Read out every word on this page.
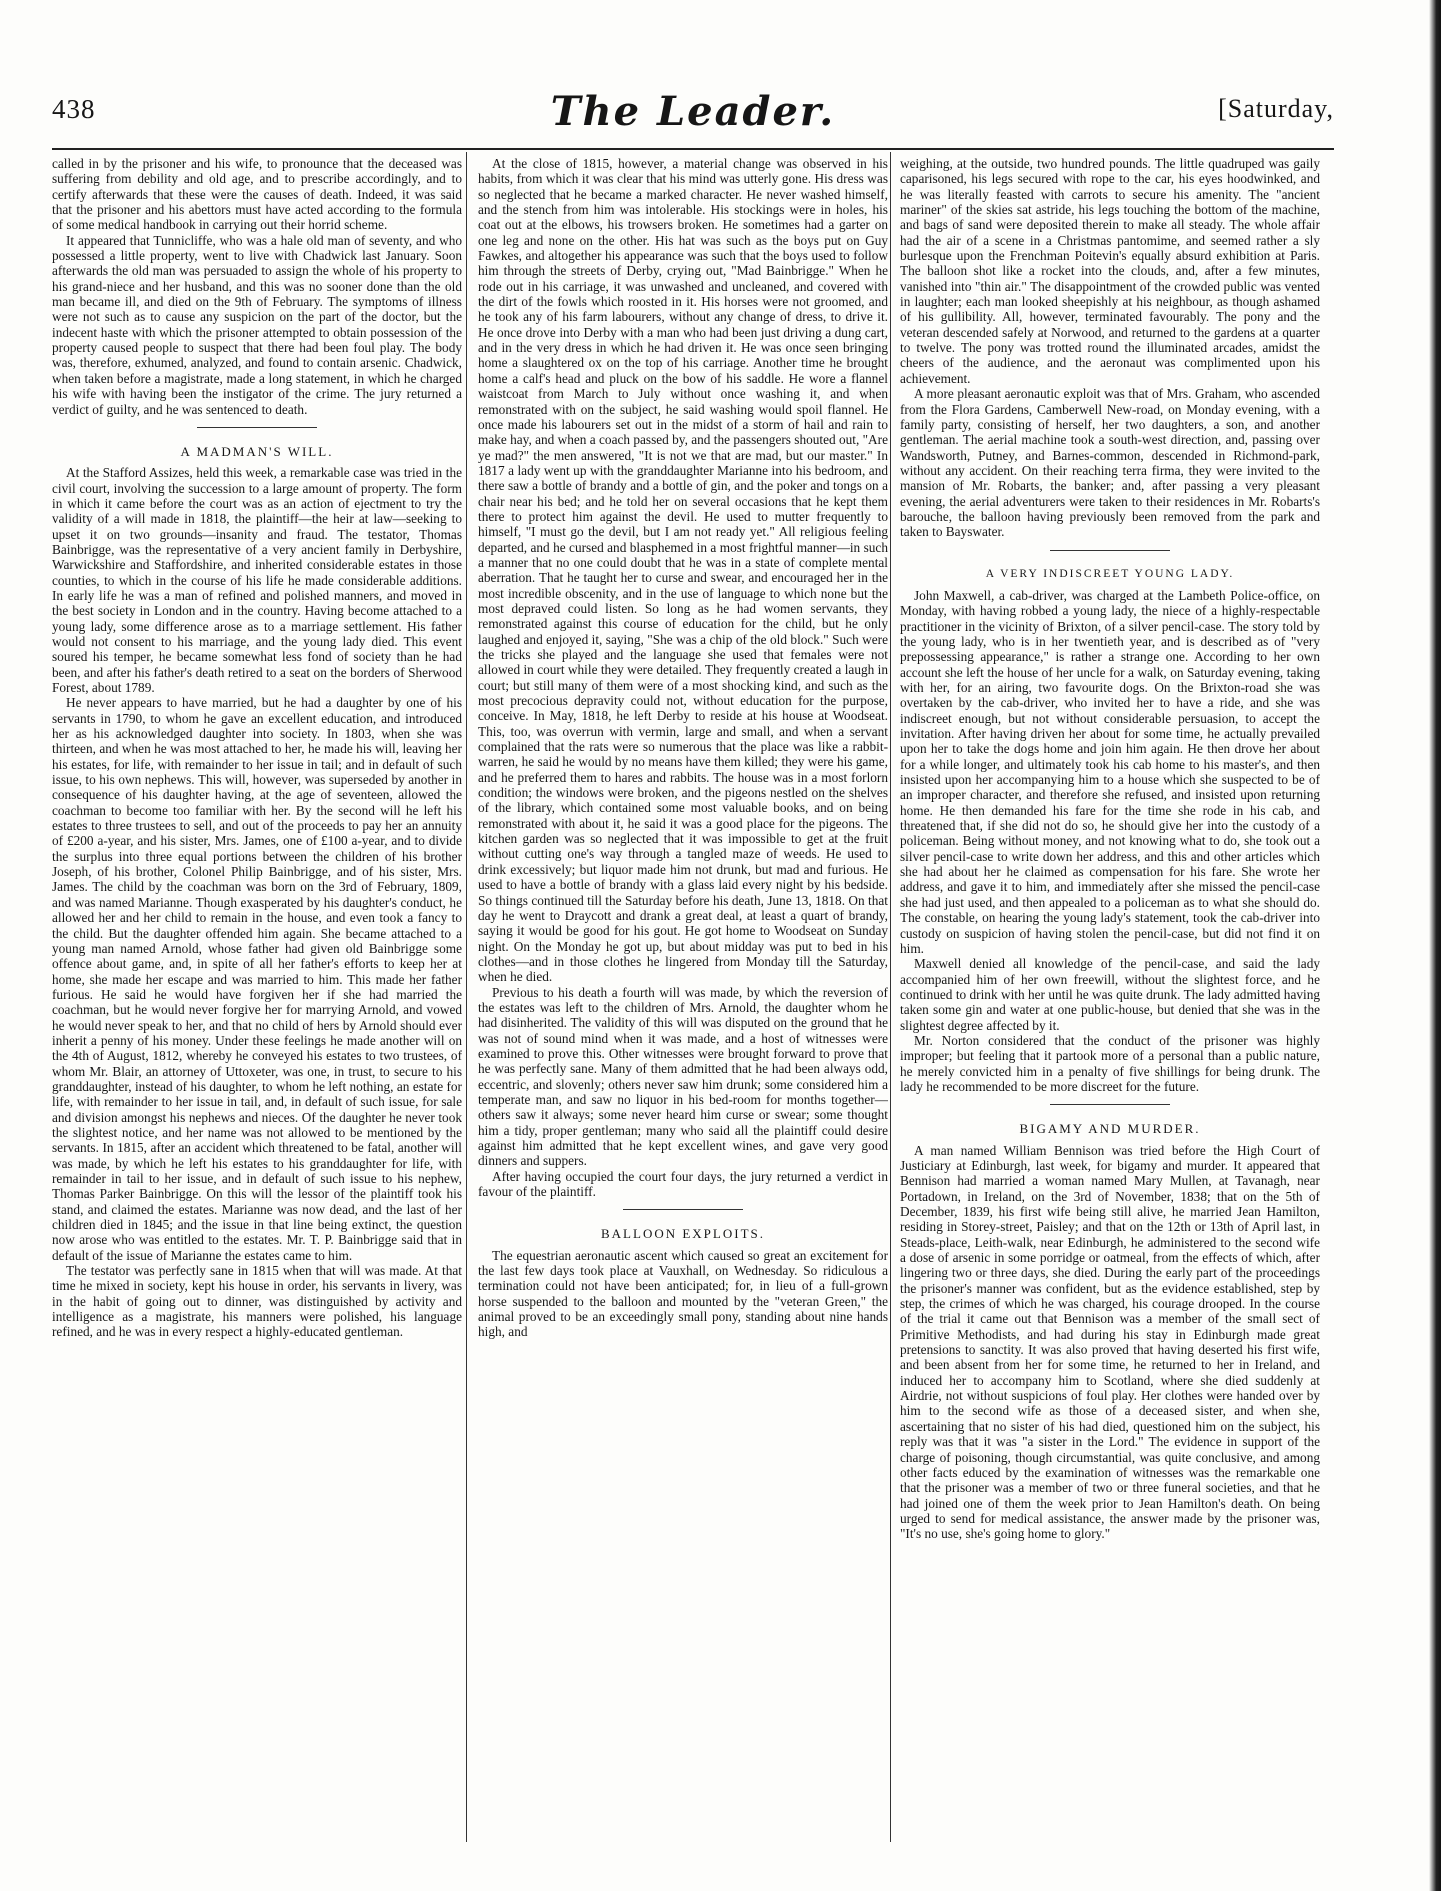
438	The Leader.	[Saturday,

called in by the prisoner and his wife, to pronounce that the deceased was suffering from debility and old age, and to prescribe accordingly, and to certify afterwards that these were the causes of death. Indeed, it was said that the prisoner and his abettors must have acted according to the formula of some medical handbook in carrying out their horrid scheme.

It appeared that Tunnicliffe, who was a hale old man of seventy, and who possessed a little property, went to live with Chadwick last January. Soon afterwards the old man was persuaded to assign the whole of his property to his grand-niece and her husband, and this was no sooner done than the old man became ill, and died on the 9th of February. The symptoms of illness were not such as to cause any suspicion on the part of the doctor, but the indecent haste with which the prisoner attempted to obtain possession of the property caused people to suspect that there had been foul play. The body was, therefore, exhumed, analyzed, and found to contain arsenic. Chadwick, when taken before a magistrate, made a long statement, in which he charged his wife with having been the instigator of the crime. The jury returned a verdict of guilty, and he was sentenced to death.

A MADMAN'S WILL.

At the Stafford Assizes, held this week, a remarkable case was tried in the civil court, involving the succession to a large amount of property. The form in which it came before the court was as an action of ejectment to try the validity of a will made in 1818, the plaintiff—the heir at law—seeking to upset it on two grounds—insanity and fraud. The testator, Thomas Bainbrigge, was the representative of a very ancient family in Derbyshire, Warwickshire and Staffordshire, and inherited considerable estates in those counties, to which in the course of his life he made considerable additions. In early life he was a man of refined and polished manners, and moved in the best society in London and in the country. Having become attached to a young lady, some difference arose as to a marriage settlement. His father would not consent to his marriage, and the young lady died. This event soured his temper, he became somewhat less fond of society than he had been, and after his father's death retired to a seat on the borders of Sherwood Forest, about 1789.

He never appears to have married, but he had a daughter by one of his servants in 1790, to whom he gave an excellent education, and introduced her as his acknowledged daughter into society. In 1803, when she was thirteen, and when he was most attached to her, he made his will, leaving her his estates, for life, with remainder to her issue in tail; and in default of such issue, to his own nephews. This will, however, was superseded by another in consequence of his daughter having, at the age of seventeen, allowed the coachman to become too familiar with her. By the second will he left his estates to three trustees to sell, and out of the proceeds to pay her an annuity of £200 a-year, and his sister, Mrs. James, one of £100 a-year, and to divide the surplus into three equal portions between the children of his brother Joseph, of his brother, Colonel Philip Bainbrigge, and of his sister, Mrs. James. The child by the coachman was born on the 3rd of February, 1809, and was named Marianne. Though exasperated by his daughter's conduct, he allowed her and her child to remain in the house, and even took a fancy to the child. But the daughter offended him again. She became attached to a young man named Arnold, whose father had given old Bainbrigge some offence about game, and, in spite of all her father's efforts to keep her at home, she made her escape and was married to him. This made her father furious. He said he would have forgiven her if she had married the coachman, but he would never forgive her for marrying Arnold, and vowed he would never speak to her, and that no child of hers by Arnold should ever inherit a penny of his money. Under these feelings he made another will on the 4th of August, 1812, whereby he conveyed his estates to two trustees, of whom Mr. Blair, an attorney of Uttoxeter, was one, in trust, to secure to his granddaughter, instead of his daughter, to whom he left nothing, an estate for life, with remainder to her issue in tail, and, in default of such issue, for sale and division amongst his nephews and nieces. Of the daughter he never took the slightest notice, and her name was not allowed to be mentioned by the servants. In 1815, after an accident which threatened to be fatal, another will was made, by which he left his estates to his granddaughter for life, with remainder in tail to her issue, and in default of such issue to his nephew, Thomas Parker Bainbrigge. On this will the lessor of the plaintiff took his stand, and claimed the estates. Marianne was now dead, and the last of her children died in 1845; and the issue in that line being extinct, the question now arose who was entitled to the estates. Mr. T. P. Bainbrigge said that in default of the issue of Marianne the estates came to him.

The testator was perfectly sane in 1815 when that will was made. At that time he mixed in society, kept his house in order, his servants in livery, was in the habit of going out to dinner, was distinguished by activity and intelligence as a magistrate, his manners were polished, his language refined, and he was in every respect a highly-educated gentleman.

At the close of 1815, however, a material change was observed in his habits, from which it was clear that his mind was utterly gone. His dress was so neglected that he became a marked character. He never washed himself, and the stench from him was intolerable. His stockings were in holes, his coat out at the elbows, his trowsers broken. He sometimes had a garter on one leg and none on the other. His hat was such as the boys put on Guy Fawkes, and altogether his appearance was such that the boys used to follow him through the streets of Derby, crying out, "Mad Bainbrigge." When he rode out in his carriage, it was unwashed and uncleaned, and covered with the dirt of the fowls which roosted in it. His horses were not groomed, and he took any of his farm labourers, without any change of dress, to drive it. He once drove into Derby with a man who had been just driving a dung cart, and in the very dress in which he had driven it. He was once seen bringing home a slaughtered ox on the top of his carriage. Another time he brought home a calf's head and pluck on the bow of his saddle. He wore a flannel waistcoat from March to July without once washing it, and when remonstrated with on the subject, he said washing would spoil flannel. He once made his labourers set out in the midst of a storm of hail and rain to make hay, and when a coach passed by, and the passengers shouted out, "Are ye mad?" the men answered, "It is not we that are mad, but our master." In 1817 a lady went up with the granddaughter Marianne into his bedroom, and there saw a bottle of brandy and a bottle of gin, and the poker and tongs on a chair near his bed; and he told her on several occasions that he kept them there to protect him against the devil. He used to mutter frequently to himself, "I must go the devil, but I am not ready yet." All religious feeling departed, and he cursed and blasphemed in a most frightful manner—in such a manner that no one could doubt that he was in a state of complete mental aberration. That he taught her to curse and swear, and encouraged her in the most incredible obscenity, and in the use of language to which none but the most depraved could listen. So long as he had women servants, they remonstrated against this course of education for the child, but he only laughed and enjoyed it, saying, "She was a chip of the old block." Such were the tricks she played and the language she used that females were not allowed in court while they were detailed. They frequently created a laugh in court; but still many of them were of a most shocking kind, and such as the most precocious depravity could not, without education for the purpose, conceive. In May, 1818, he left Derby to reside at his house at Woodseat. This, too, was overrun with vermin, large and small, and when a servant complained that the rats were so numerous that the place was like a rabbit-warren, he said he would by no means have them killed; they were his game, and he preferred them to hares and rabbits. The house was in a most forlorn condition; the windows were broken, and the pigeons nestled on the shelves of the library, which contained some most valuable books, and on being remonstrated with about it, he said it was a good place for the pigeons. The kitchen garden was so neglected that it was impossible to get at the fruit without cutting one's way through a tangled maze of weeds. He used to drink excessively; but liquor made him not drunk, but mad and furious. He used to have a bottle of brandy with a glass laid every night by his bedside. So things continued till the Saturday before his death, June 13, 1818. On that day he went to Draycott and drank a great deal, at least a quart of brandy, saying it would be good for his gout. He got home to Woodseat on Sunday night. On the Monday he got up, but about midday was put to bed in his clothes—and in those clothes he lingered from Monday till the Saturday, when he died.

Previous to his death a fourth will was made, by which the reversion of the estates was left to the children of Mrs. Arnold, the daughter whom he had disinherited. The validity of this will was disputed on the ground that he was not of sound mind when it was made, and a host of witnesses were examined to prove this. Other witnesses were brought forward to prove that he was perfectly sane. Many of them admitted that he had been always odd, eccentric, and slovenly; others never saw him drunk; some considered him a temperate man, and saw no liquor in his bed-room for months together—others saw it always; some never heard him curse or swear; some thought him a tidy, proper gentleman; many who said all the plaintiff could desire against him admitted that he kept excellent wines, and gave very good dinners and suppers.

After having occupied the court four days, the jury returned a verdict in favour of the plaintiff.

BALLOON EXPLOITS.

The equestrian aeronautic ascent which caused so great an excitement for the last few days took place at Vauxhall, on Wednesday. So ridiculous a termination could not have been anticipated; for, in lieu of a full-grown horse suspended to the balloon and mounted by the "veteran Green," the animal proved to be an exceedingly small pony, standing about nine hands high, and

weighing, at the outside, two hundred pounds. The little quadruped was gaily caparisoned, his legs secured with rope to the car, his eyes hoodwinked, and he was literally feasted with carrots to secure his amenity. The "ancient mariner" of the skies sat astride, his legs touching the bottom of the machine, and bags of sand were deposited therein to make all steady. The whole affair had the air of a scene in a Christmas pantomime, and seemed rather a sly burlesque upon the Frenchman Poitevin's equally absurd exhibition at Paris. The balloon shot like a rocket into the clouds, and, after a few minutes, vanished into "thin air." The disappointment of the crowded public was vented in laughter; each man looked sheepishly at his neighbour, as though ashamed of his gullibility. All, however, terminated favourably. The pony and the veteran descended safely at Norwood, and returned to the gardens at a quarter to twelve. The pony was trotted round the illuminated arcades, amidst the cheers of the audience, and the aeronaut was complimented upon his achievement.

A more pleasant aeronautic exploit was that of Mrs. Graham, who ascended from the Flora Gardens, Camberwell New-road, on Monday evening, with a family party, consisting of herself, her two daughters, a son, and another gentleman. The aerial machine took a south-west direction, and, passing over Wandsworth, Putney, and Barnes-common, descended in Richmond-park, without any accident. On their reaching terra firma, they were invited to the mansion of Mr. Robarts, the banker; and, after passing a very pleasant evening, the aerial adventurers were taken to their residences in Mr. Robarts's barouche, the balloon having previously been removed from the park and taken to Bayswater.

A VERY INDISCREET YOUNG LADY.

John Maxwell, a cab-driver, was charged at the Lambeth Police-office, on Monday, with having robbed a young lady, the niece of a highly-respectable practitioner in the vicinity of Brixton, of a silver pencil-case. The story told by the young lady, who is in her twentieth year, and is described as of "very prepossessing appearance," is rather a strange one. According to her own account she left the house of her uncle for a walk, on Saturday evening, taking with her, for an airing, two favourite dogs. On the Brixton-road she was overtaken by the cab-driver, who invited her to have a ride, and she was indiscreet enough, but not without considerable persuasion, to accept the invitation. After having driven her about for some time, he actually prevailed upon her to take the dogs home and join him again. He then drove her about for a while longer, and ultimately took his cab home to his master's, and then insisted upon her accompanying him to a house which she suspected to be of an improper character, and therefore she refused, and insisted upon returning home. He then demanded his fare for the time she rode in his cab, and threatened that, if she did not do so, he should give her into the custody of a policeman. Being without money, and not knowing what to do, she took out a silver pencil-case to write down her address, and this and other articles which she had about her he claimed as compensation for his fare. She wrote her address, and gave it to him, and immediately after she missed the pencil-case she had just used, and then appealed to a policeman as to what she should do. The constable, on hearing the young lady's statement, took the cab-driver into custody on suspicion of having stolen the pencil-case, but did not find it on him.

Maxwell denied all knowledge of the pencil-case, and said the lady accompanied him of her own freewill, without the slightest force, and he continued to drink with her until he was quite drunk. The lady admitted having taken some gin and water at one public-house, but denied that she was in the slightest degree affected by it.

Mr. Norton considered that the conduct of the prisoner was highly improper; but feeling that it partook more of a personal than a public nature, he merely convicted him in a penalty of five shillings for being drunk. The lady he recommended to be more discreet for the future.

BIGAMY AND MURDER.

A man named William Bennison was tried before the High Court of Justiciary at Edinburgh, last week, for bigamy and murder. It appeared that Bennison had married a woman named Mary Mullen, at Tavanagh, near Portadown, in Ireland, on the 3rd of November, 1838; that on the 5th of December, 1839, his first wife being still alive, he married Jean Hamilton, residing in Storey-street, Paisley; and that on the 12th or 13th of April last, in Steads-place, Leith-walk, near Edinburgh, he administered to the second wife a dose of arsenic in some porridge or oatmeal, from the effects of which, after lingering two or three days, she died. During the early part of the proceedings the prisoner's manner was confident, but as the evidence established, step by step, the crimes of which he was charged, his courage drooped. In the course of the trial it came out that Bennison was a member of the small sect of Primitive Methodists, and had during his stay in Edinburgh made great pretensions to sanctity. It was also proved that having deserted his first wife, and been absent from her for some time, he returned to her in Ireland, and induced her to accompany him to Scotland, where she died suddenly at Airdrie, not without suspicions of foul play. Her clothes were handed over by him to the second wife as those of a deceased sister, and when she, ascertaining that no sister of his had died, questioned him on the subject, his reply was that it was "a sister in the Lord." The evidence in support of the charge of poisoning, though circumstantial, was quite conclusive, and among other facts educed by the examination of witnesses was the remarkable one that the prisoner was a member of two or three funeral societies, and that he had joined one of them the week prior to Jean Hamilton's death. On being urged to send for medical assistance, the answer made by the prisoner was, "It's no use, she's going home to glory."
